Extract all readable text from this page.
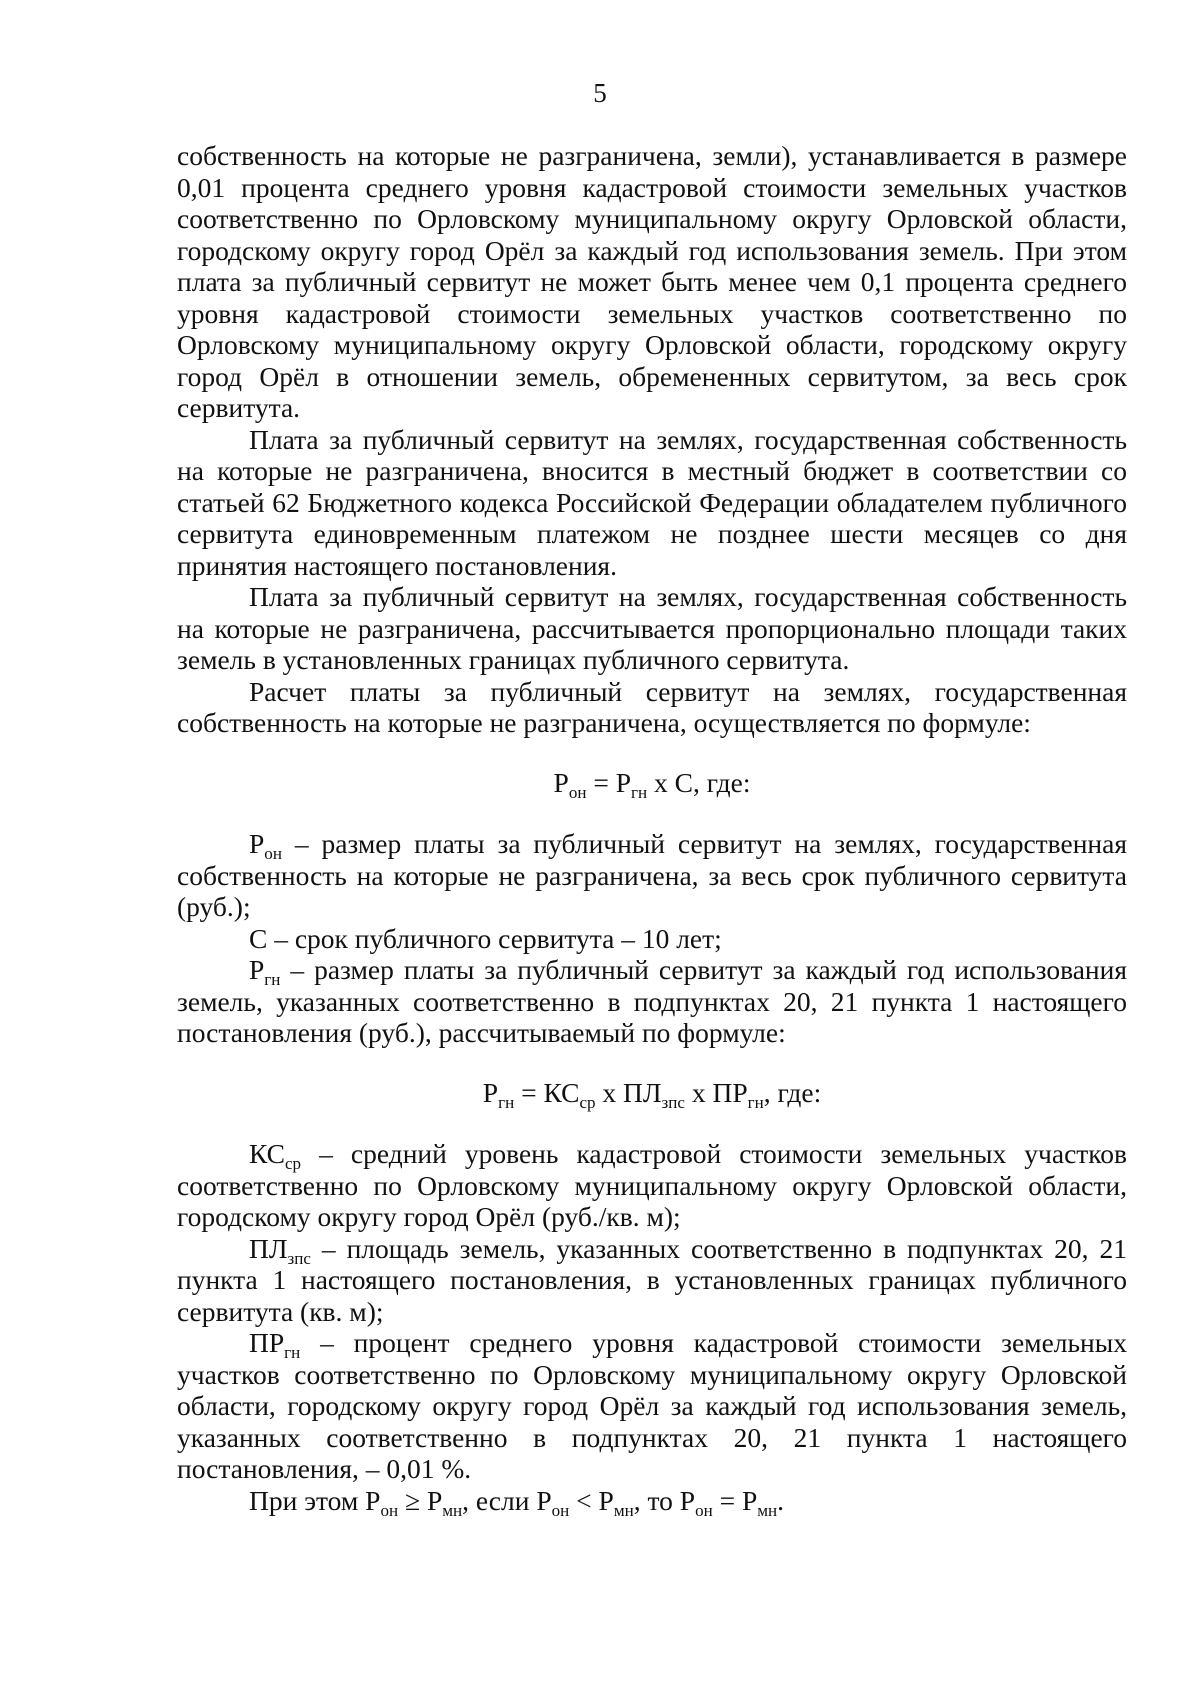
5

собственность на которые не разграничена, земли), устанавливается в размере 0,01 процента среднего уровня кадастровой стоимости земельных участков соответственно по Орловскому муниципальному округу Орловской области, городскому округу город Орёл за каждый год использования земель. При этом плата за публичный сервитут не может быть менее чем 0,1 процента среднего уровня кадастровой стоимости земельных участков соответственно по Орловскому муниципальному округу Орловской области, городскому округу город Орёл в отношении земель, обремененных сервитутом, за весь срок сервитута.

Плата за публичный сервитут на землях, государственная собственность на которые не разграничена, вносится в местный бюджет в соответствии со статьей 62 Бюджетного кодекса Российской Федерации обладателем публичного сервитута единовременным платежом не позднее шести месяцев со дня принятия настоящего постановления.

Плата за публичный сервитут на землях, государственная собственность на которые не разграничена, рассчитывается пропорционально площади таких земель в установленных границах публичного сервитута.

Расчет платы за публичный сервитут на землях, государственная собственность на которые не разграничена, осуществляется по формуле:

$Р_{он} = Р_{гн}$ х С, где:

$Р_{он}$ – размер платы за публичный сервитут на землях, государственная собственность на которые не разграничена, за весь срок публичного сервитута (руб.);

С – срок публичного сервитута – 10 лет;

$Р_{гн}$ – размер платы за публичный сервитут за каждый год использования земель, указанных соответственно в подпунктах 20, 21 пункта 1 настоящего постановления (руб.), рассчитываемый по формуле:

$Р_{гн} = КС_{ср}$ х $ПЛ_{зпс}$ х $ПР_{гн}$, где:

$КС_{ср}$ – средний уровень кадастровой стоимости земельных участков соответственно по Орловскому муниципальному округу Орловской области, городскому округу город Орёл (руб./кв. м);

$ПЛ_{зпс}$ – площадь земель, указанных соответственно в подпунктах 20, 21 пункта 1 настоящего постановления, в установленных границах публичного сервитута (кв. м);

$ПР_{гн}$ – процент среднего уровня кадастровой стоимости земельных участков соответственно по Орловскому муниципальному округу Орловской области, городскому округу город Орёл за каждый год использования земель, указанных соответственно в подпунктах 20, 21 пункта 1 настоящего постановления, – 0,01 %.

При этом $Р_{он} \ge Р_{мн}$, если $Р_{он} < Р_{мн}$, то $Р_{он} = Р_{мн}$.
